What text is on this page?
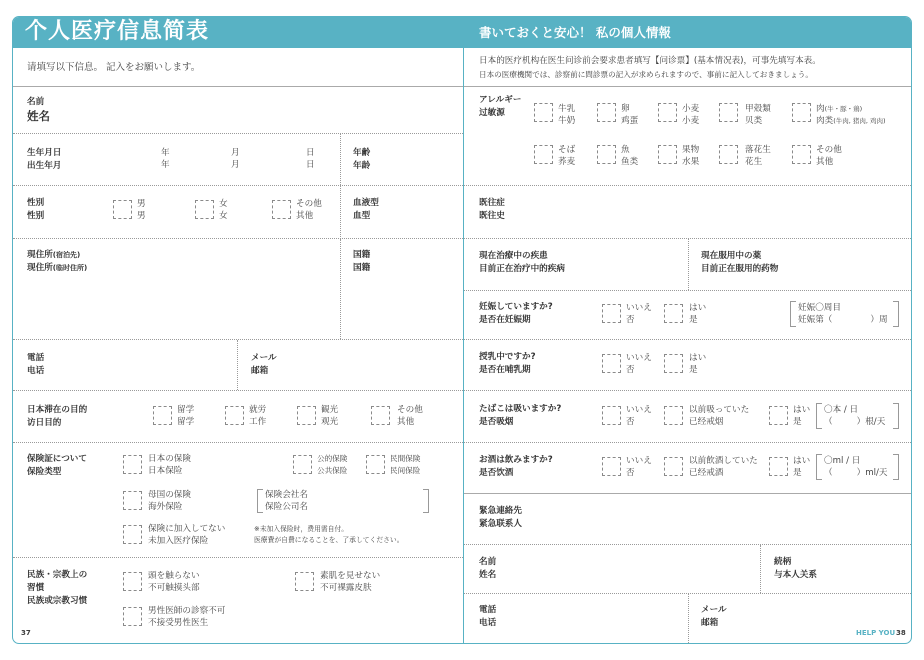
个人医疗信息简表	書いておくと安心！ 私の個人情報
请填写以下信息。 記入をお願いします。
日本的医疗机构在医生问诊前会要求患者填写【问诊票】(基本情况表)，可事先填写本表。
日本の医療機関では、診察前に問診票の記入が求められますので、事前に記入しておきましょう。
名前
姓名
生年月日
出生年月
年
年
月
月
日
日
年齢
年龄
性別
性别
男
男
女
女
その他
其他
血液型
血型
現住所(宿泊先)
现住所(临时住所)
国籍
国籍
電話
电话
メール
邮箱
日本滞在の目的
访日目的
留学
留学
就労
工作
観光
观光
その他
其他
保険証について
保险类型
日本の保険
日本保险
公的保険
公共保险
民間保険
民间保险
母国の保険
海外保险
保険会社名
保险公司名
保険に加入してない
未加入医疗保险
※未加入保险时，费用需自付。
医療費が自費になることを、了承してください。
民族・宗教上の
習慣
民族或宗教习惯
頭を触らない
不可触摸头部
素肌を見せない
不可裸露皮肤
男性医師の診察不可
不接受男性医生
37
アレルギー
过敏源	牛乳
牛奶
卵
鸡蛋
小麦
小麦
甲殻類
贝类
肉(牛・豚・鶏)
肉类(牛肉, 猪肉, 鸡肉)
そば
荞麦
魚
鱼类
果物
水果
落花生
花生
その他
其他
既往症
既往史
現在治療中の疾患
目前正在治疗中的疾病
現在服用中の薬
目前正在服用的药物
妊娠していますか?
是否在妊娠期
いいえ
否
はい
是
妊娠〇周目
妊娠第（	）周
授乳中ですか?
是否在哺乳期
いいえ
否
はい
是
たばこは吸いますか?
是否吸烟
いいえ
否
以前吸っていた
已经戒烟
はい
是
〇本 / 日
（	）根/天
お酒は飲みますか?
是否饮酒
いいえ
否
以前飲酒していた
已经戒酒
はい
是
〇ml / 日
（	）ml/天
緊急連絡先
紧急联系人
名前
姓名
続柄
与本人关系
電話
电话
メール
邮箱
HELP YOU 38
